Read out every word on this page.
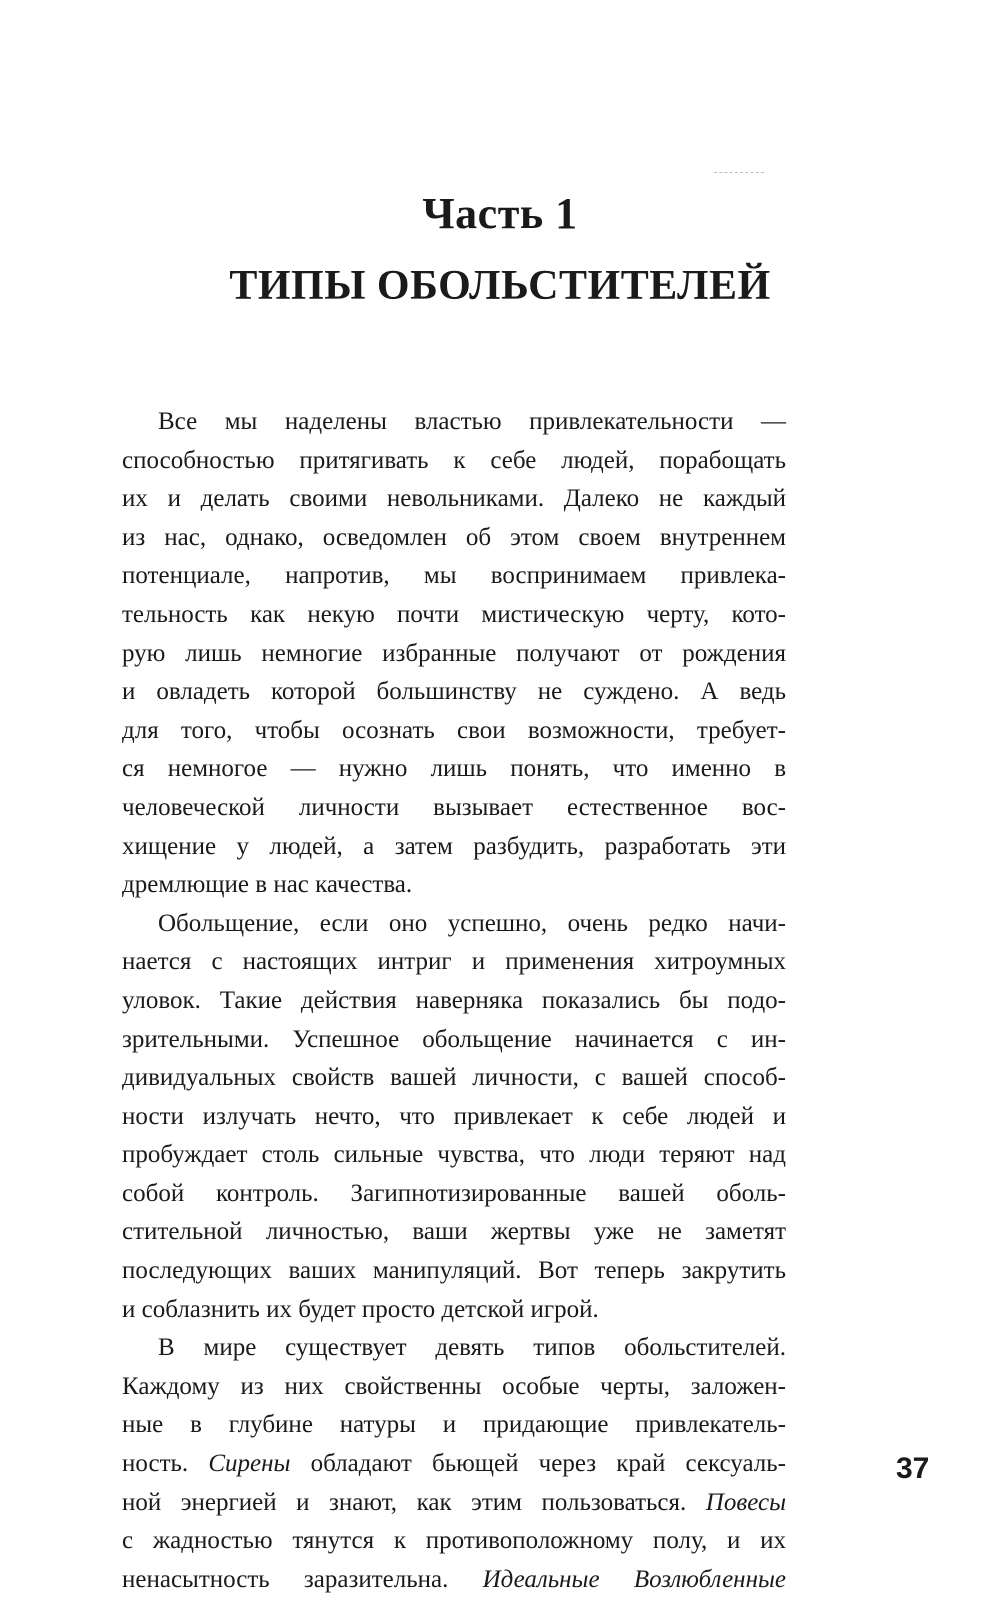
Часть 1
ТИПЫ ОБОЛЬСТИТЕЛЕЙ
Все мы наделены властью привлекательности —
способностью притягивать к себе людей, порабощать
их и делать своими невольниками. Далеко не каждый
из нас, однако, осведомлен об этом своем внутреннем
потенциале, напротив, мы воспринимаем привлека-
тельность как некую почти мистическую черту, кото-
рую лишь немногие избранные получают от рождения
и овладеть которой большинству не суждено. А ведь
для того, чтобы осознать свои возможности, требует-
ся немногое — нужно лишь понять, что именно в
человеческой личности вызывает естественное вос-
хищение у людей, а затем разбудить, разработать эти
дремлющие в нас качества.
Обольщение, если оно успешно, очень редко начи-
нается с настоящих интриг и применения хитроумных
уловок. Такие действия наверняка показались бы подо-
зрительными. Успешное обольщение начинается с ин-
дивидуальных свойств вашей личности, с вашей способ-
ности излучать нечто, что привлекает к себе людей и
пробуждает столь сильные чувства, что люди теряют над
собой контроль. Загипнотизированные вашей оболь-
стительной личностью, ваши жертвы уже не заметят
последующих ваших манипуляций. Вот теперь закрутить
и соблазнить их будет просто детской игрой.
В мире существует девять типов обольстителей.
Каждому из них свойственны особые черты, заложен-
ные в глубине натуры и придающие привлекатель-
ность. Сирены обладают бьющей через край сексуаль-
ной энергией и знают, как этим пользоваться. Повесы
с жадностью тянутся к противоположному полу, и их
ненасытность заразительна. Идеальные Возлюбленные
37
